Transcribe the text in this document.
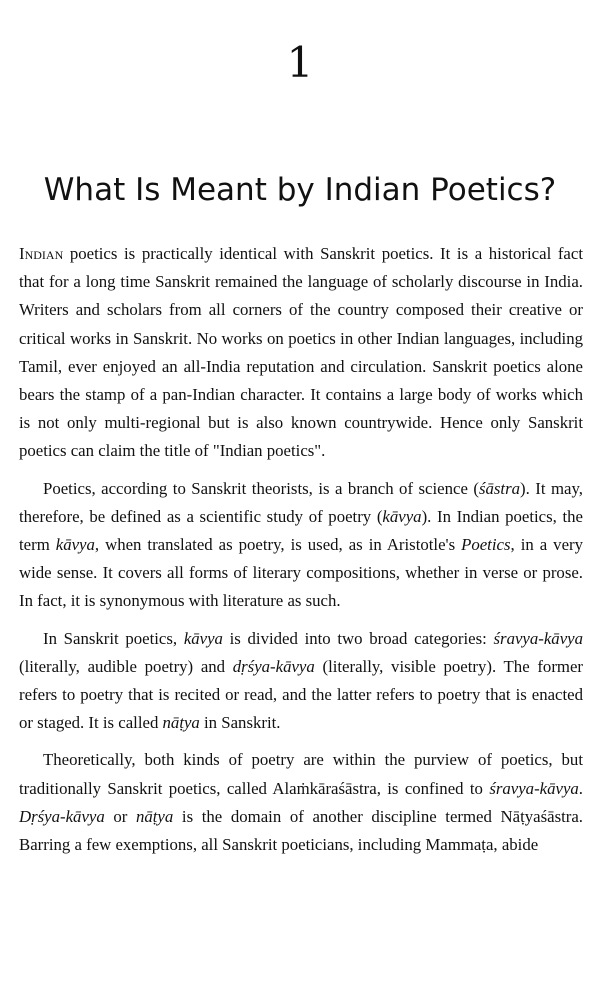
1
What Is Meant by Indian Poetics?

Indian poetics is practically identical with Sanskrit poetics. It is a historical fact that for a long time Sanskrit remained the language of scholarly discourse in India. Writers and scholars from all corners of the country composed their creative or critical works in Sanskrit. No works on poetics in other Indian languages, including Tamil, ever enjoyed an all-India reputation and circulation. Sanskrit poetics alone bears the stamp of a pan-Indian character. It contains a large body of works which is not only multi-regional but is also known countrywide. Hence only Sanskrit poetics can claim the title of "Indian poetics".

Poetics, according to Sanskrit theorists, is a branch of science (śāstra). It may, therefore, be defined as a scientific study of poetry (kāvya). In Indian poetics, the term kāvya, when translated as poetry, is used, as in Aristotle's Poetics, in a very wide sense. It covers all forms of literary compositions, whether in verse or prose. In fact, it is synonymous with literature as such.

In Sanskrit poetics, kāvya is divided into two broad categories: śravya-kāvya (literally, audible poetry) and dṛśya-kāvya (literally, visible poetry). The former refers to poetry that is recited or read, and the latter refers to poetry that is enacted or staged. It is called nāṭya in Sanskrit.

Theoretically, both kinds of poetry are within the purview of poetics, but traditionally Sanskrit poetics, called Alaṁkāraśāstra, is confined to śravya-kāvya. Dṛśya-kāvya or nāṭya is the domain of another discipline termed Nāṭyaśāstra. Barring a few exemptions, all Sanskrit poeticians, including Mammaṭa, abide
